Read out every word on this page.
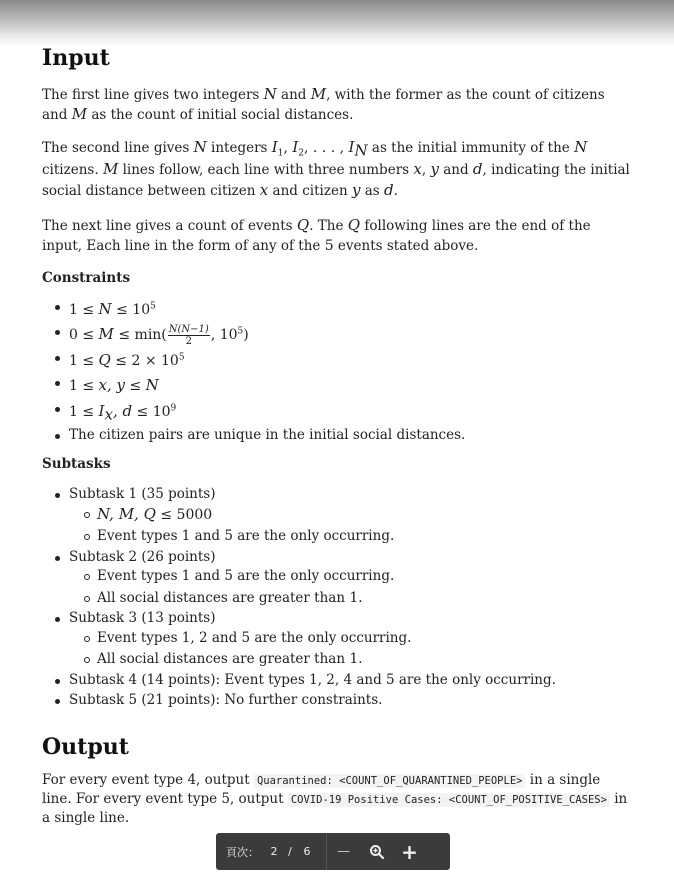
Input

The first line gives two integers N and M, with the former as the count of citizens and M as the count of initial social distances.

The second line gives N integers $I_1$, $I_2$, . . . , $I_N$ as the initial immunity of the N citizens. M lines follow, each line with three numbers x, y and d, indicating the initial social distance between citizen x and citizen y as d.

The next line gives a count of events Q. The Q following lines are the end of the input, Each line in the form of any of the 5 events stated above.

Constraints
$1 \le N \le 10^5$
$0 \le M \le \min( \frac{N(N-1)}{2}$ , $10^5$)
$1 \le Q \le 2 \times 10^5$
1 ≤ x, y ≤ N
$1 \le I_x$, $d \le 10^9$
The citizen pairs are unique in the initial social distances.
Subtasks
Subtask 1 (35 points)
N, M, Q ≤ 5000
Event types 1 and 5 are the only occurring.
Subtask 2 (26 points)
Event types 1 and 5 are the only occurring.
All social distances are greater than 1.
Subtask 3 (13 points)
Event types 1, 2 and 5 are the only occurring.
All social distances are greater than 1.
Subtask 4 (14 points): Event types 1, 2, 4 and 5 are the only occurring.
Subtask 5 (21 points): No further constraints.
Output

For every event type 4, output Quarantined: <COUNT_OF_QUARANTINED_PEOPLE> in a single line. For every event type 5, output COVID-19 Positive Cases: <COUNT_OF_POSITIVE_CASES> in a single line.

頁次：	2 /	6	—	+
